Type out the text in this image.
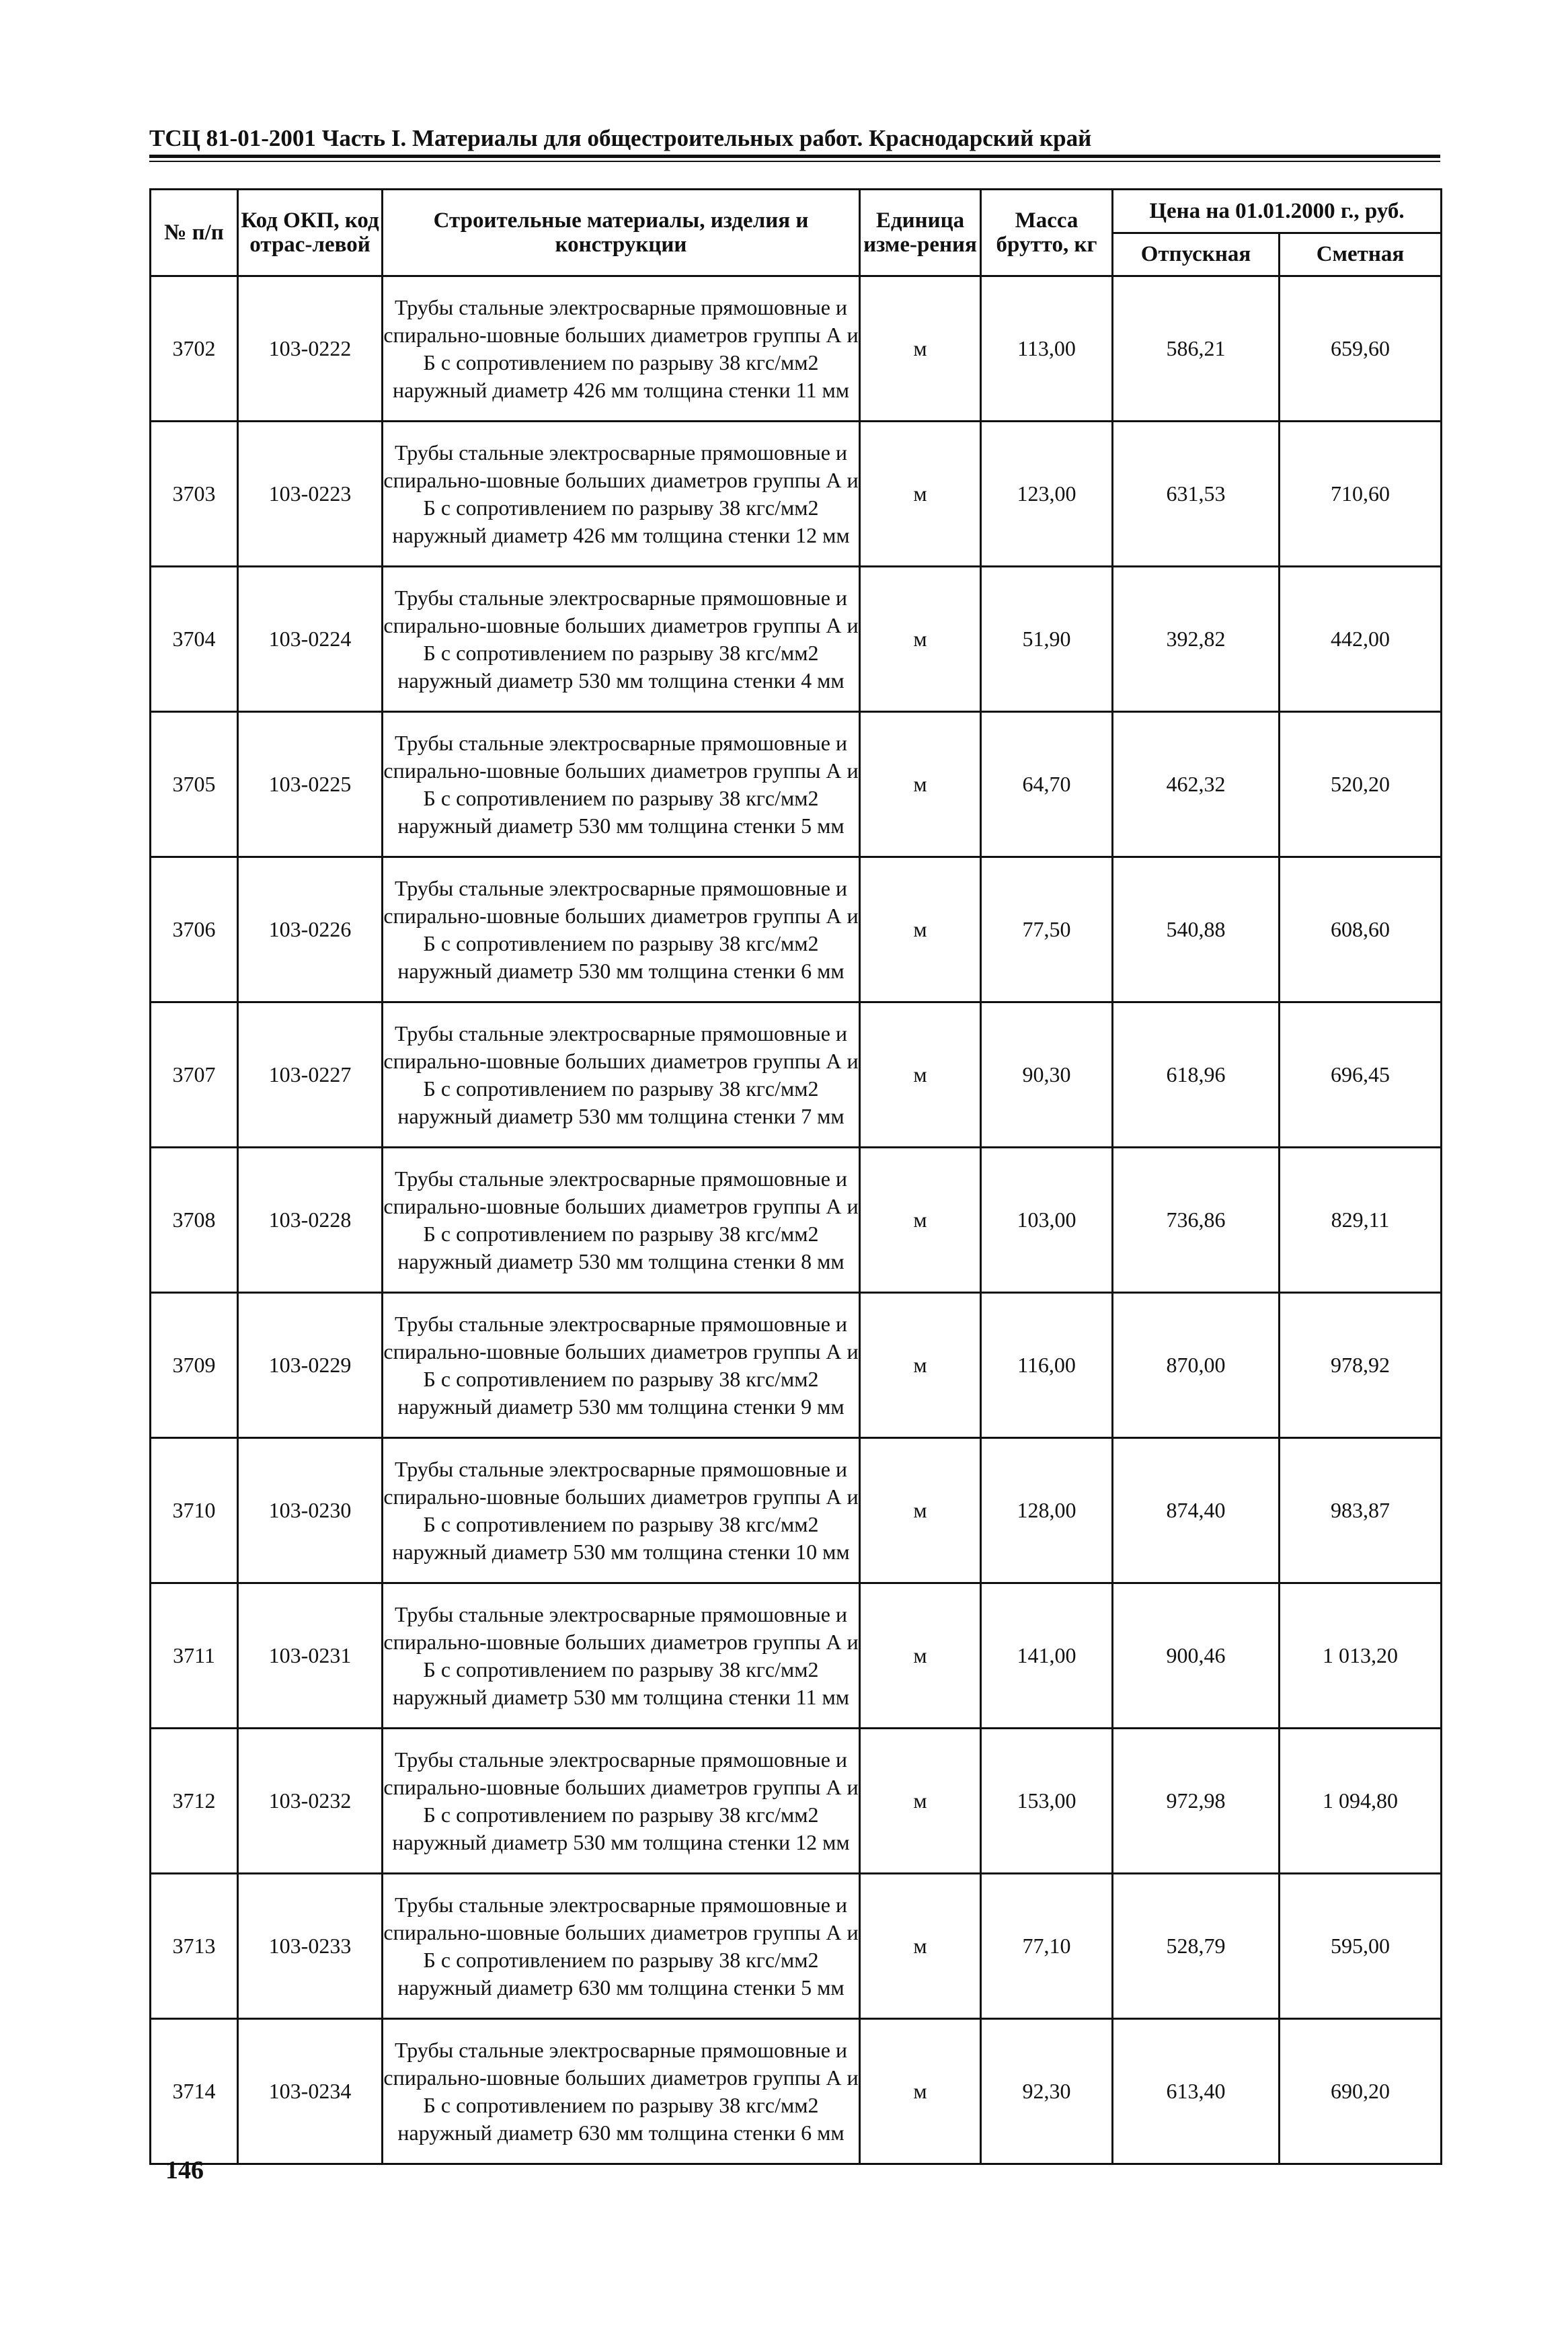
ТСЦ 81-01-2001 Часть I. Материалы для общестроительных работ. Краснодарский край
№ п/п	Код ОКП, код отрас-левой	Строительные материалы, изделия и конструкции	Единица изме-рения	Масса брутто, кг	Цена на 01.01.2000 г., руб.	
					Отпускная	Сметная
3702	103-0222	Трубы стальные электросварные прямошовные и спирально-шовные больших диаметров группы А и Б с сопротивлением по разрыву 38 кгс/мм2 наружный диаметр 426 мм толщина стенки 11 мм	м	113,00	586,21	659,60
3703	103-0223	Трубы стальные электросварные прямошовные и спирально-шовные больших диаметров группы А и Б с сопротивлением по разрыву 38 кгс/мм2 наружный диаметр 426 мм толщина стенки 12 мм	м	123,00	631,53	710,60
3704	103-0224	Трубы стальные электросварные прямошовные и спирально-шовные больших диаметров группы А и Б с сопротивлением по разрыву 38 кгс/мм2 наружный диаметр 530 мм толщина стенки 4 мм	м	51,90	392,82	442,00
3705	103-0225	Трубы стальные электросварные прямошовные и спирально-шовные больших диаметров группы А и Б с сопротивлением по разрыву 38 кгс/мм2 наружный диаметр 530 мм толщина стенки 5 мм	м	64,70	462,32	520,20
3706	103-0226	Трубы стальные электросварные прямошовные и спирально-шовные больших диаметров группы А и Б с сопротивлением по разрыву 38 кгс/мм2 наружный диаметр 530 мм толщина стенки 6 мм	м	77,50	540,88	608,60
3707	103-0227	Трубы стальные электросварные прямошовные и спирально-шовные больших диаметров группы А и Б с сопротивлением по разрыву 38 кгс/мм2 наружный диаметр 530 мм толщина стенки 7 мм	м	90,30	618,96	696,45
3708	103-0228	Трубы стальные электросварные прямошовные и спирально-шовные больших диаметров группы А и Б с сопротивлением по разрыву 38 кгс/мм2 наружный диаметр 530 мм толщина стенки 8 мм	м	103,00	736,86	829,11
3709	103-0229	Трубы стальные электросварные прямошовные и спирально-шовные больших диаметров группы А и Б с сопротивлением по разрыву 38 кгс/мм2 наружный диаметр 530 мм толщина стенки 9 мм	м	116,00	870,00	978,92
3710	103-0230	Трубы стальные электросварные прямошовные и спирально-шовные больших диаметров группы А и Б с сопротивлением по разрыву 38 кгс/мм2 наружный диаметр 530 мм толщина стенки 10 мм	м	128,00	874,40	983,87
3711	103-0231	Трубы стальные электросварные прямошовные и спирально-шовные больших диаметров группы А и Б с сопротивлением по разрыву 38 кгс/мм2 наружный диаметр 530 мм толщина стенки 11 мм	м	141,00	900,46	1 013,20
3712	103-0232	Трубы стальные электросварные прямошовные и спирально-шовные больших диаметров группы А и Б с сопротивлением по разрыву 38 кгс/мм2 наружный диаметр 530 мм толщина стенки 12 мм	м	153,00	972,98	1 094,80
3713	103-0233	Трубы стальные электросварные прямошовные и спирально-шовные больших диаметров группы А и Б с сопротивлением по разрыву 38 кгс/мм2 наружный диаметр 630 мм толщина стенки 5 мм	м	77,10	528,79	595,00
3714	103-0234	Трубы стальные электросварные прямошовные и спирально-шовные больших диаметров группы А и Б с сопротивлением по разрыву 38 кгс/мм2 наружный диаметр 630 мм толщина стенки 6 мм	м	92,30	613,40	690,20
146
